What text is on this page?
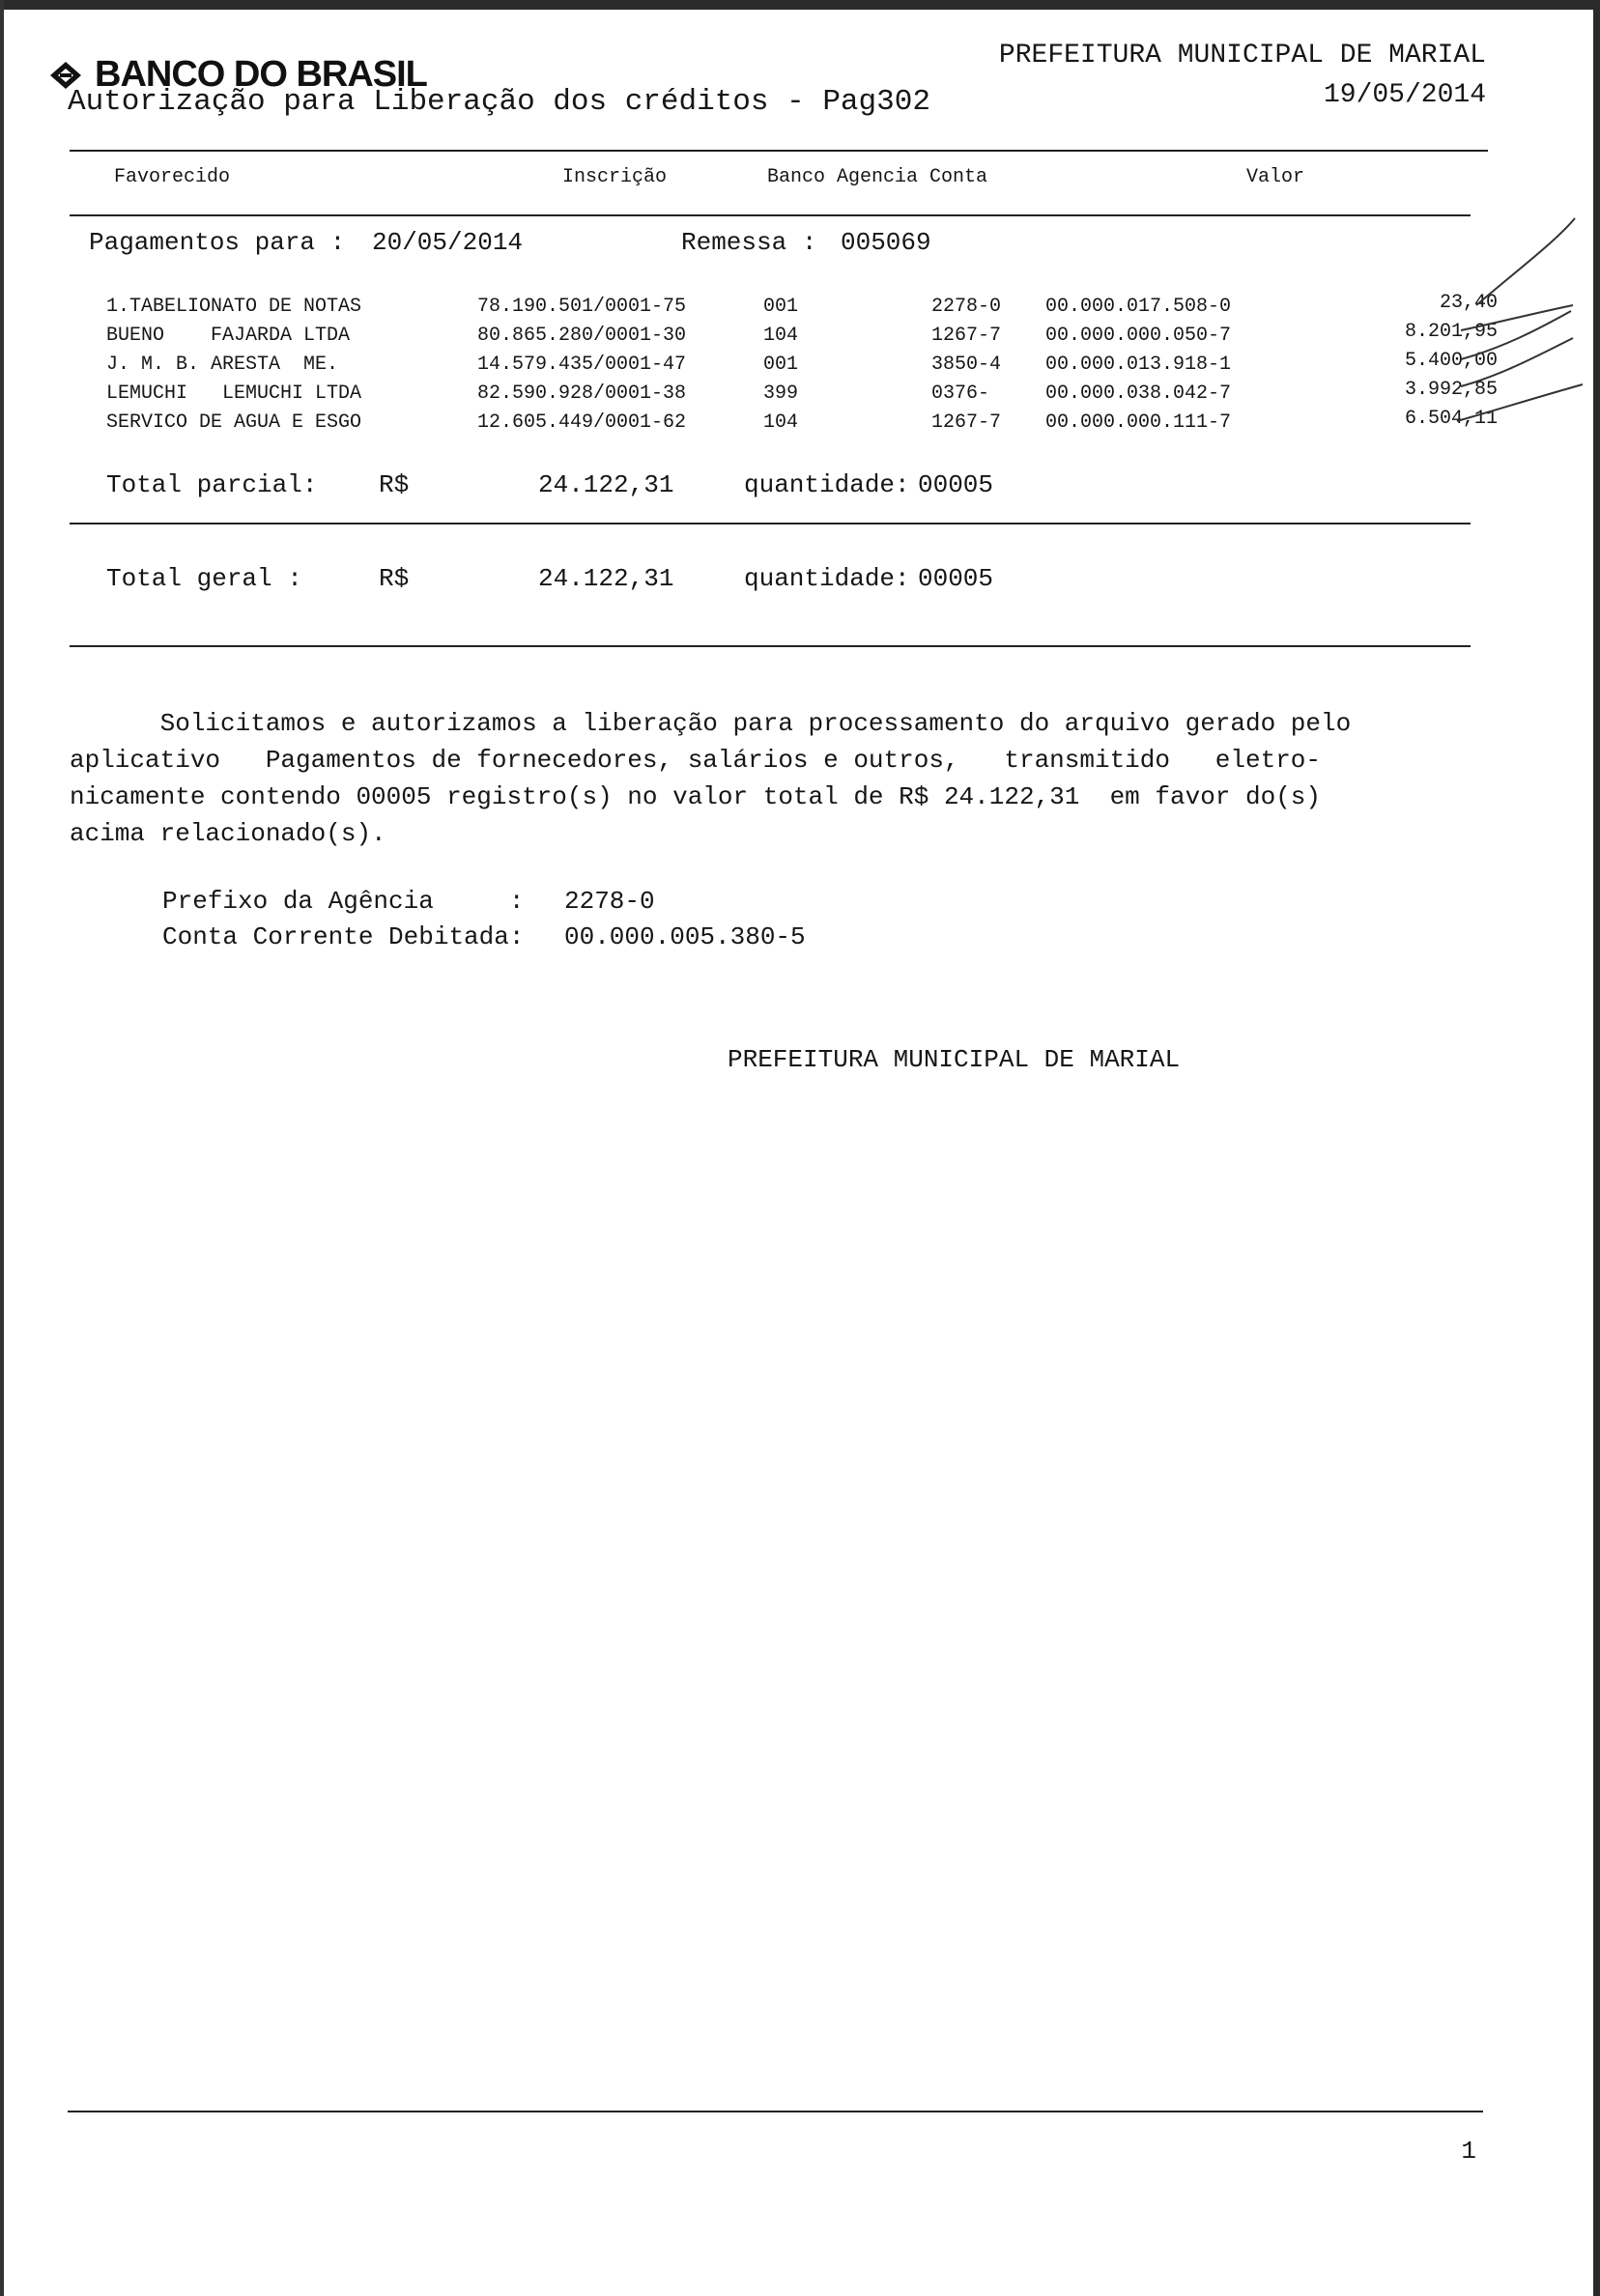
BANCO DO BRASIL
Autorização para Liberação dos créditos - Pag302
PREFEITURA MUNICIPAL DE MARIAL
19/05/2014
Favorecido	Inscrição	Banco Agencia Conta	Valor
Pagamentos para : 20/05/2014	Remessa : 005069
1.TABELIONATO DE NOTAS	78.190.501/0001-75	001	2278-0 00.000.017.508-0	23,40
BUENO    FAJARDA LTDA	80.865.280/0001-30	104	1267-7 00.000.000.050-7	8.201,95
J. M. B. ARESTA  ME.	14.579.435/0001-47	001	3850-4 00.000.013.918-1	5.400,00
LEMUCHI   LEMUCHI LTDA	82.590.928/0001-38	399	0376-	00.000.038.042-7	3.992,85
SERVICO DE AGUA E ESGO	12.605.449/0001-62	104	1267-7 00.000.000.111-7	6.504,11
Total parcial: R$	24.122,31	quantidade: 00005
Total geral :	R$	24.122,31	quantidade: 00005
Solicitamos e autorizamos a liberação para processamento do arquivo gerado pelo
aplicativo   Pagamentos de fornecedores, salários e outros,   transmitido   eletro-
nicamente contendo 00005 registro(s) no valor total de R$ 24.122,31  em favor do(s)
acima relacionado(s).
Prefixo da Agência     : 2278-0
Conta Corrente Debitada: 00.000.005.380-5
PREFEITURA MUNICIPAL DE MARIAL
1
